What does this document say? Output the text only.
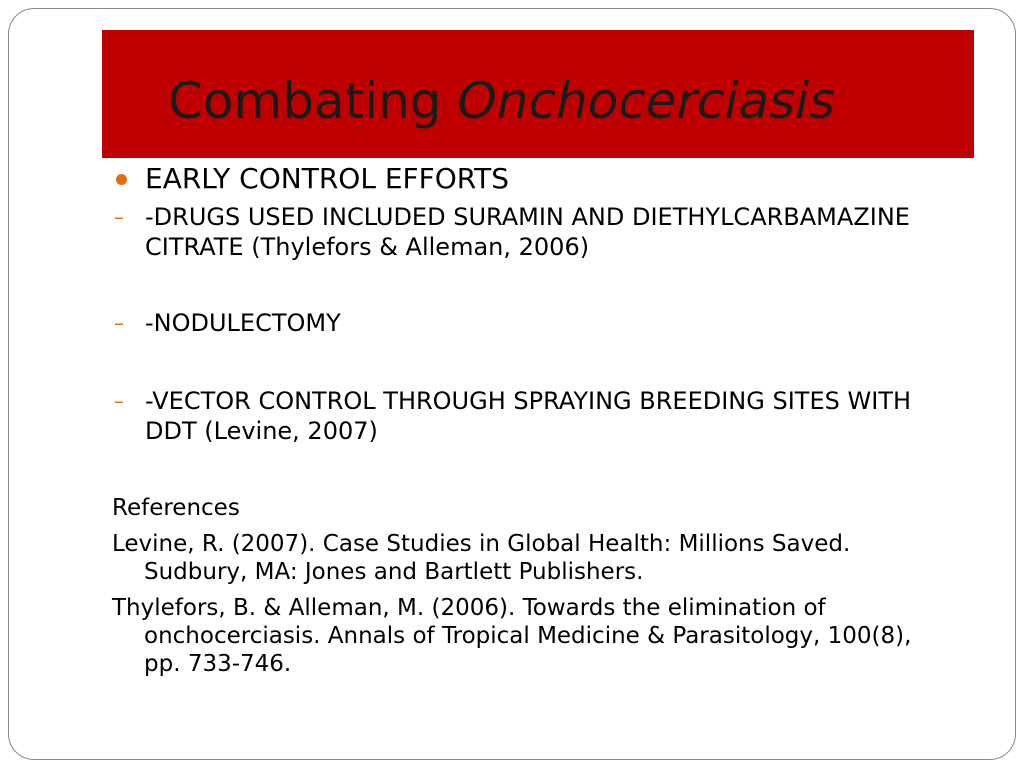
Combating Onchocerciasis
EARLY CONTROL EFFORTS
– -DRUGS USED INCLUDED SURAMIN AND DIETHYLCARBAMAZINE CITRATE (Thylefors & Alleman, 2006)
– -NODULECTOMY
– -VECTOR CONTROL THROUGH SPRAYING BREEDING SITES WITH DDT (Levine, 2007)
References
Levine, R. (2007). Case Studies in Global Health: Millions Saved. Sudbury, MA: Jones and Bartlett Publishers.
Thylefors, B. & Alleman, M. (2006). Towards the elimination of onchocerciasis. Annals of Tropical Medicine & Parasitology, 100(8), pp. 733-746.
